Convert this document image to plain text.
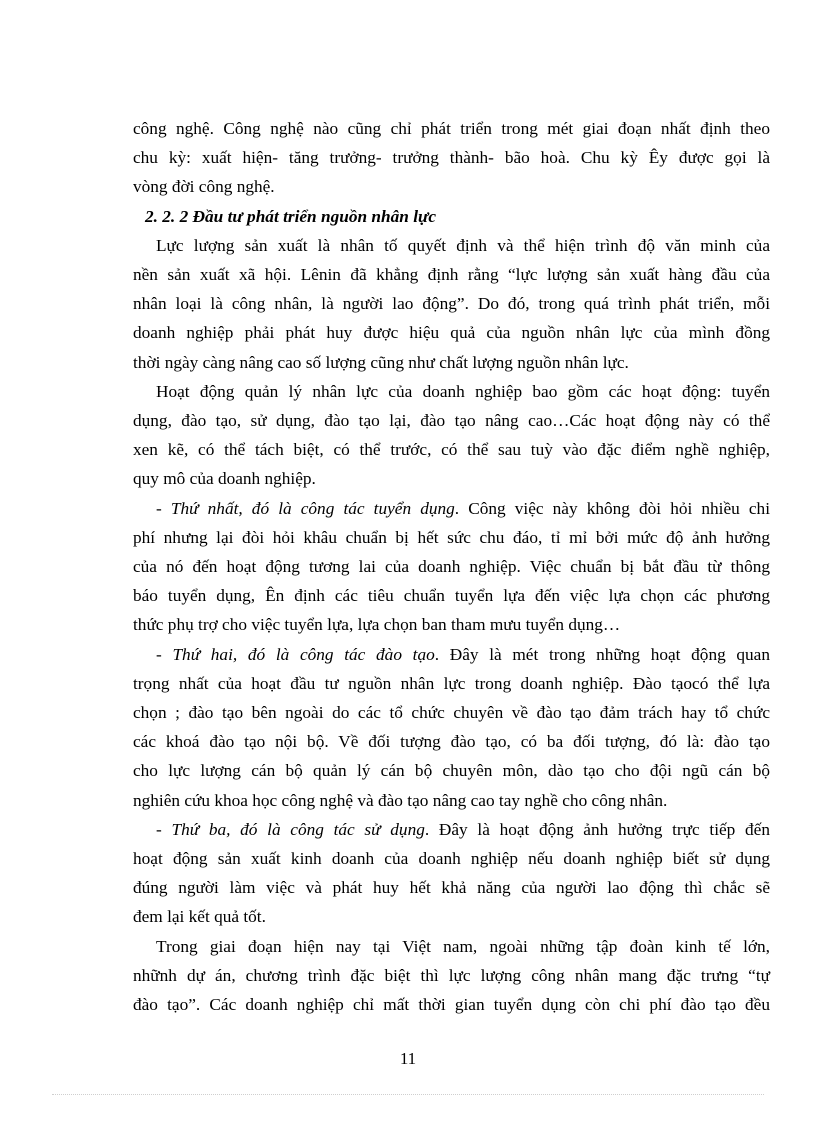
công nghệ. Công nghệ nào cũng chỉ phát triển trong mét giai đoạn nhất định theo
chu kỳ: xuất hiện- tăng trưởng- trưởng thành- bão hoà. Chu kỳ Êy được gọi là
vòng đời công nghệ.
2. 2. 2 Đầu tư phát triển nguồn nhân lực
Lực lượng sản xuất là nhân tố quyết định và thể hiện trình độ văn minh của
nền sản xuất xã hội. Lênin đã khẳng định rằng “lực lượng sản xuất hàng đầu của
nhân loại là công nhân, là người lao động”. Do đó, trong quá trình phát triển, mỗi
doanh nghiệp phải phát huy được hiệu quả của nguồn nhân lực của mình đồng
thời ngày càng nâng cao số lượng cũng như chất lượng nguồn nhân lực.
Hoạt động quản lý nhân lực của doanh nghiệp bao gồm các hoạt động: tuyển
dụng, đào tạo, sử dụng, đào tạo lại, đào tạo nâng cao…Các hoạt động này có thể
xen kẽ, có thể tách biệt, có thể trước, có thể sau tuỳ vào đặc điểm nghề nghiệp,
quy mô của doanh nghiệp.
- Thứ nhất, đó là công tác tuyển dụng. Công việc này không đòi hỏi nhiều chi
phí nhưng lại đòi hỏi khâu chuẩn bị hết sức chu đáo, tỉ mỉ bởi mức độ ảnh hưởng
của nó đến hoạt động tương lai của doanh nghiệp. Việc chuẩn bị bắt đầu từ thông
báo tuyển dụng, Ên định các tiêu chuẩn tuyển lựa đến việc lựa chọn các phương
thức phụ trợ cho việc tuyển lựa, lựa chọn ban tham mưu tuyển dụng…
- Thứ hai, đó là công tác đào tạo. Đây là mét trong những hoạt động quan
trọng nhất của hoạt đầu tư nguồn nhân lực trong doanh nghiệp. Đào tạocó thể lựa
chọn ; đào tạo bên ngoài do các tổ chức chuyên về đào tạo đảm trách hay tổ chức
các khoá đào tạo nội bộ. Về đối tượng đào tạo, có ba đối tượng, đó là: đào tạo
cho lực lượng cán bộ quản lý cán bộ chuyên môn, dào tạo cho đội ngũ cán bộ
nghiên cứu khoa học công nghệ và đào tạo nâng cao tay nghề cho công nhân.
- Thứ ba, đó là công tác sử dụng. Đây là hoạt động ảnh hưởng trực tiếp đến
hoạt động sản xuất kinh doanh của doanh nghiệp nếu doanh nghiệp biết sử dụng
đúng người làm việc và phát huy hết khả năng của người lao động thì chắc sẽ
đem lại kết quả tốt.
Trong giai đoạn hiện nay tại Việt nam, ngoài những tập đoàn kinh tế lớn,
nhữnh dự án, chương trình đặc biệt thì lực lượng công nhân mang đặc trưng “tự
đào tạo”. Các doanh nghiệp chỉ mất thời gian tuyển dụng còn chi phí đào tạo đều
11
